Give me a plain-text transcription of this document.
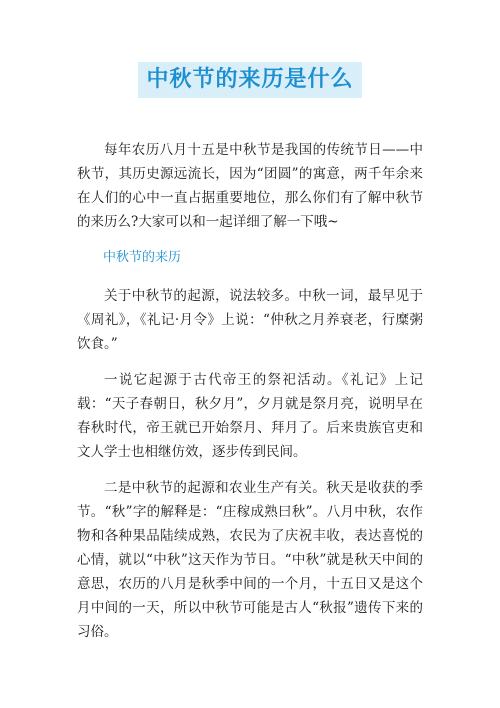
中秋节的来历是什么

每年农历八月十五是中秋节是我国的传统节日——中秋节，其历史源远流长，因为“团圆”的寓意，两千年余来在人们的心中一直占据重要地位，那么你们有了解中秋节的来历么?大家可以和一起详细了解一下哦~

中秋节的来历

关于中秋节的起源，说法较多。中秋一词，最早见于《周礼》，《礼记·月令》上说：“仲秋之月养衰老，行糜粥饮食。”

一说它起源于古代帝王的祭祀活动。《礼记》上记载：“天子春朝日，秋夕月”，夕月就是祭月亮，说明早在春秋时代，帝王就已开始祭月、拜月了。后来贵族官吏和文人学士也相继仿效，逐步传到民间。

二是中秋节的起源和农业生产有关。秋天是收获的季节。“秋”字的解释是：“庄稼成熟曰秋”。八月中秋，农作物和各种果品陆续成熟，农民为了庆祝丰收，表达喜悦的心情，就以“中秋”这天作为节日。“中秋”就是秋天中间的意思，农历的八月是秋季中间的一个月，十五日又是这个月中间的一天，所以中秋节可能是古人“秋报”遗传下来的习俗。
